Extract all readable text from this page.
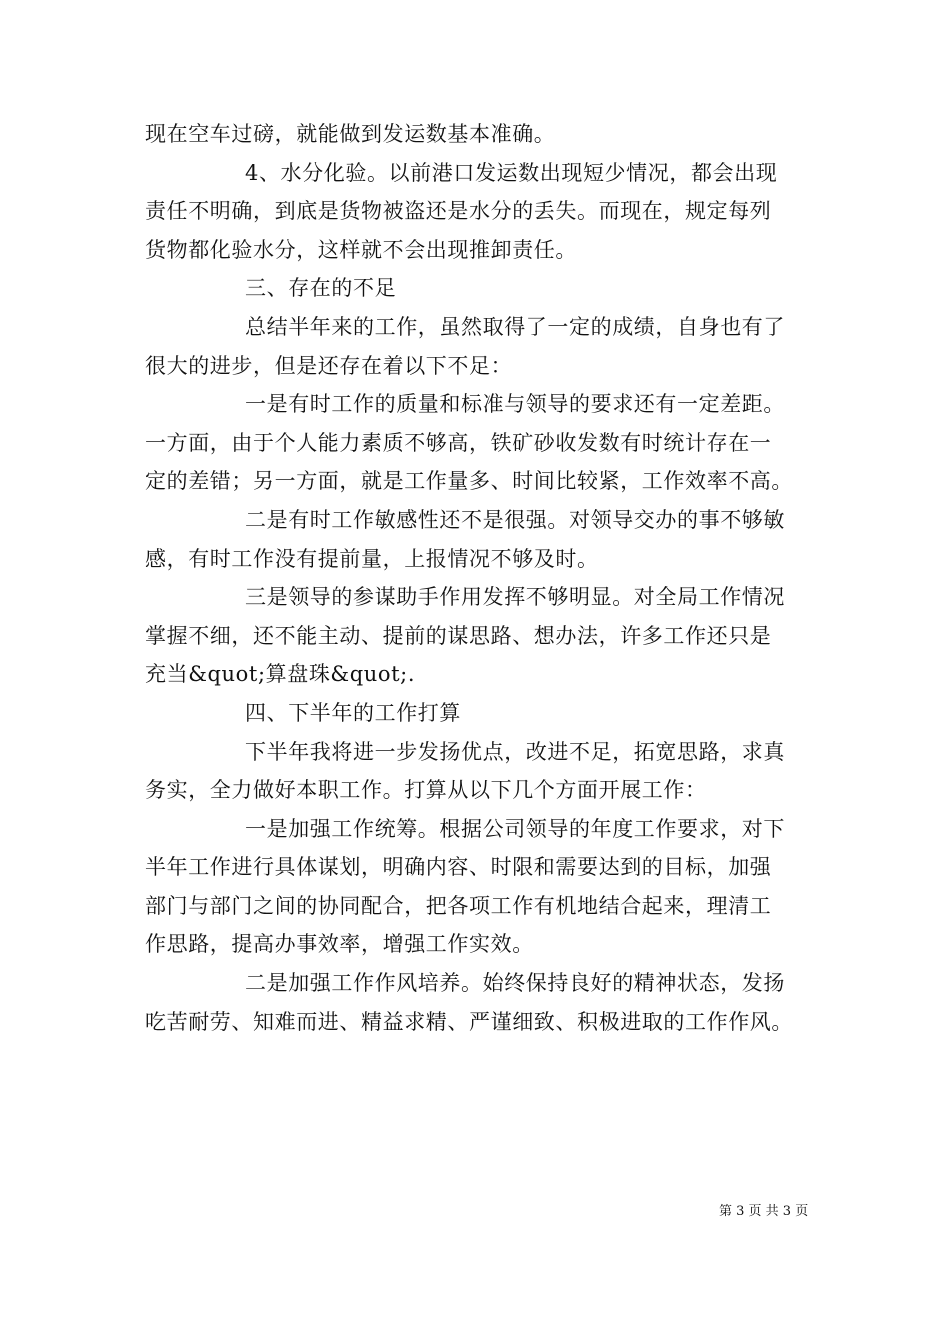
现在空车过磅，就能做到发运数基本准确。
4、水分化验。以前港口发运数出现短少情况，都会出现
责任不明确，到底是货物被盗还是水分的丢失。而现在，规定每列
货物都化验水分，这样就不会出现推卸责任。
三、存在的不足
总结半年来的工作，虽然取得了一定的成绩，自身也有了
很大的进步，但是还存在着以下不足：
一是有时工作的质量和标准与领导的要求还有一定差距。
一方面，由于个人能力素质不够高，铁矿砂收发数有时统计存在一
定的差错；另一方面，就是工作量多、时间比较紧，工作效率不高。
二是有时工作敏感性还不是很强。对领导交办的事不够敏
感，有时工作没有提前量，上报情况不够及时。
三是领导的参谋助手作用发挥不够明显。对全局工作情况
掌握不细，还不能主动、提前的谋思路、想办法，许多工作还只是
充当&quot;算盘珠&quot;.
四、下半年的工作打算
下半年我将进一步发扬优点，改进不足，拓宽思路，求真
务实，全力做好本职工作。打算从以下几个方面开展工作：
一是加强工作统筹。根据公司领导的年度工作要求，对下
半年工作进行具体谋划，明确内容、时限和需要达到的目标，加强
部门与部门之间的协同配合，把各项工作有机地结合起来，理清工
作思路，提高办事效率，增强工作实效。
二是加强工作作风培养。始终保持良好的精神状态，发扬
吃苦耐劳、知难而进、精益求精、严谨细致、积极进取的工作作风。
第 3 页 共 3 页
